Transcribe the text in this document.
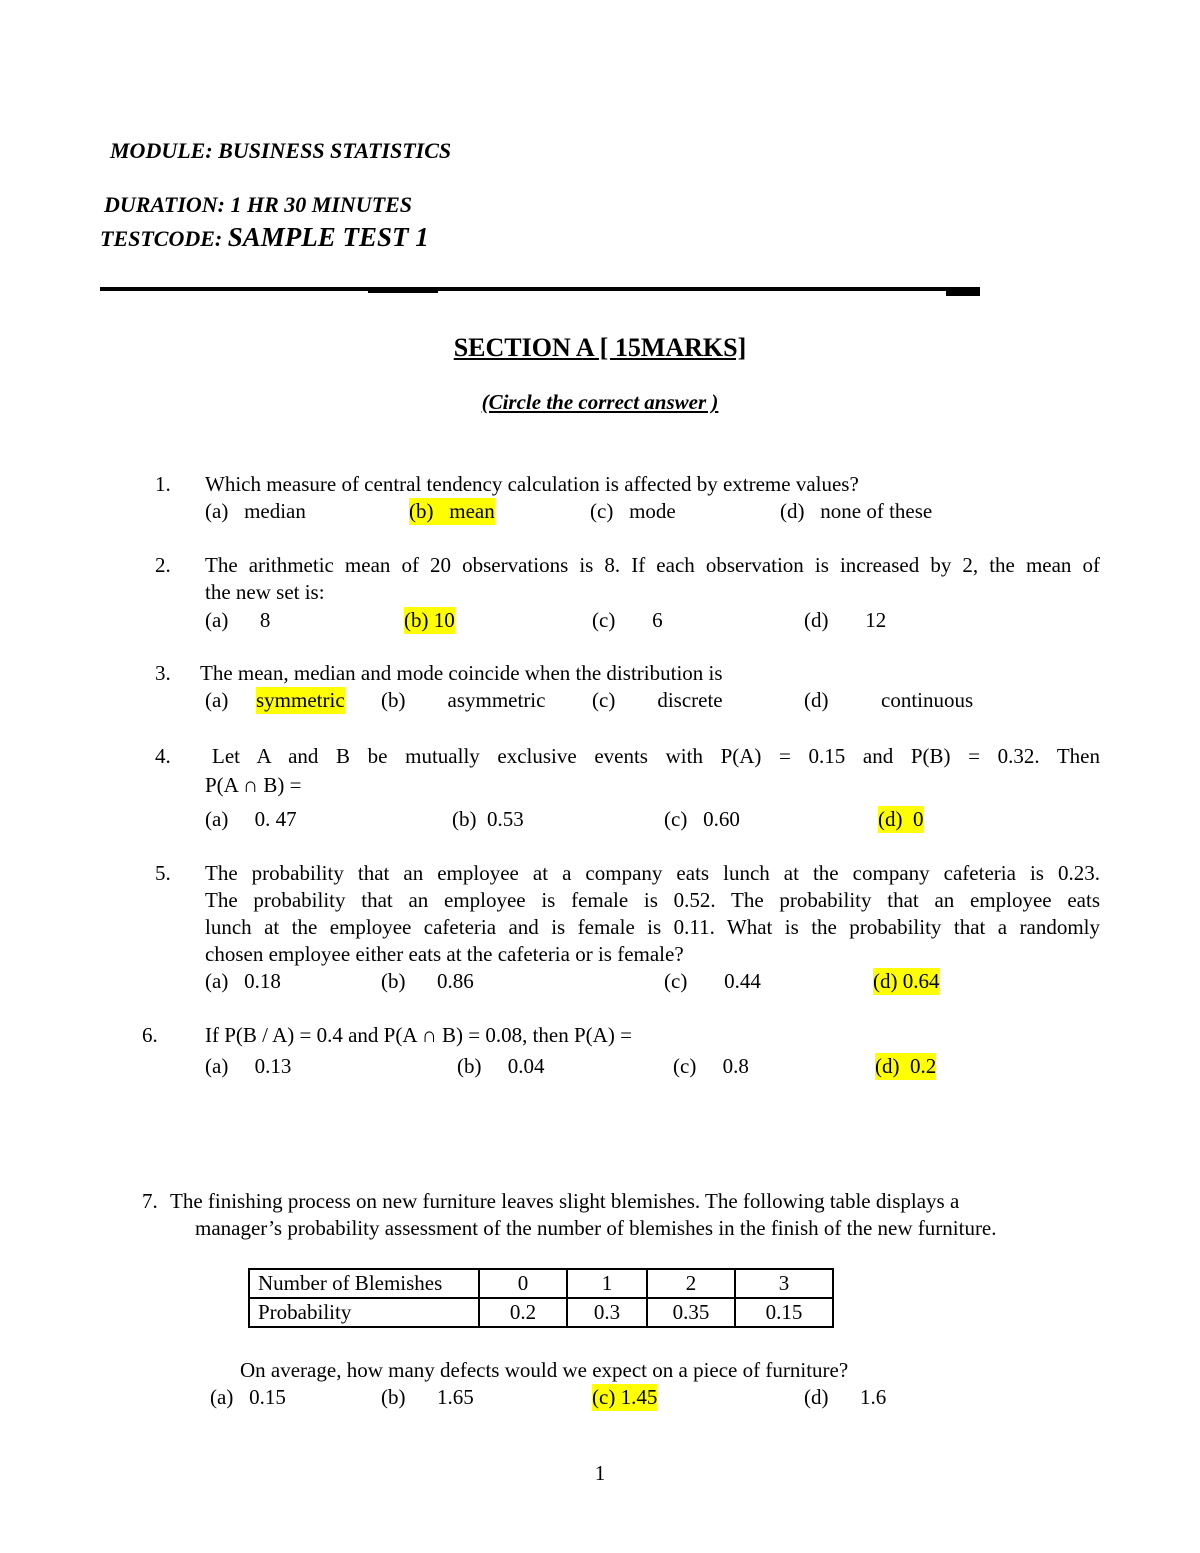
MODULE: BUSINESS STATISTICS
DURATION: 1 HR 30 MINUTES
TESTCODE: SAMPLE TEST 1
SECTION A [ 15MARKS]
(Circle the correct answer )
1. Which measure of central tendency calculation is affected by extreme values?
(a) median	(b) mean	(c) mode	(d) none of these
2. The arithmetic mean of 20 observations is 8. If each observation is increased by 2, the mean of
the new set is:
(a) 8	(b) 10	(c) 6	(d) 12
3. The mean, median and mode coincide when the distribution is
(a) symmetric (b) asymmetric (c) discrete	(d)	continuous
4. Let A and B be mutually exclusive events with P(A) = 0.15 and P(B) = 0.32. Then
P(A ∩ B) =
(a) 0. 47	(b) 0.53	(c) 0.60	(d) 0
5. The probability that an employee at a company eats lunch at the company cafeteria is 0.23.
The probability that an employee is female is 0.52. The probability that an employee eats
lunch at the employee cafeteria and is female is 0.11. What is the probability that a randomly
chosen employee either eats at the cafeteria or is female?
(a) 0.18	(b) 0.86	(c) 0.44	(d) 0.64
6. If P(B / A) = 0.4 and P(A ∩ B) = 0.08, then P(A) =
(a) 0.13	(b) 0.04	(c) 0.8	(d) 0.2
7. The finishing process on new furniture leaves slight blemishes. The following table displays a
manager’s probability assessment of the number of blemishes in the finish of the new furniture.
Number of Blemishes	0	1	2	3
Probability	0.2	0.3	0.35	0.15
On average, how many defects would we expect on a piece of furniture?
(a) 0.15	(b) 1.65	(c) 1.45	(d) 1.6
1
